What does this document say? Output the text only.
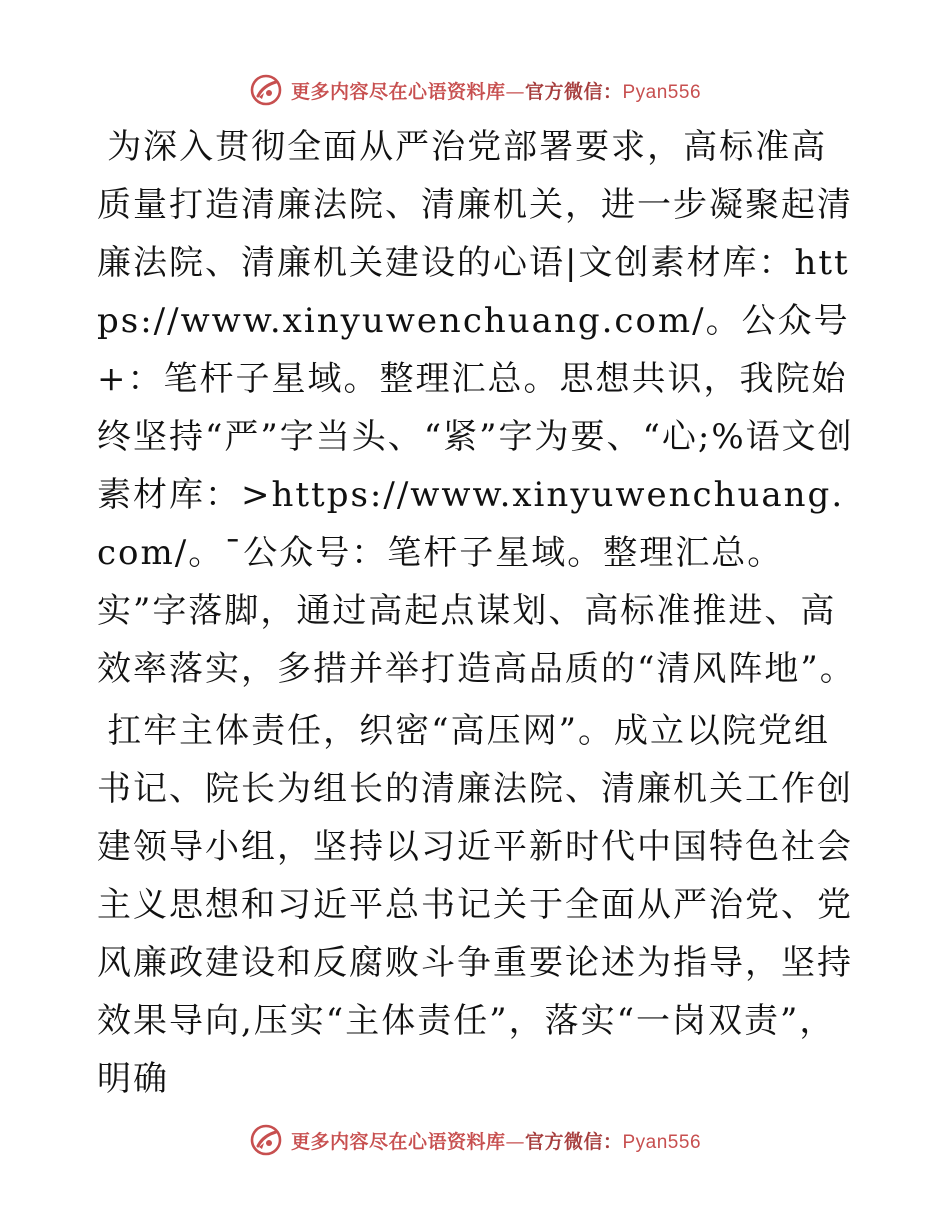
更多内容尽在心语资料库—官方微信：Pyan556

为深入贯彻全面从严治党部署要求，高标准高质量打造清廉法院、清廉机关，进一步凝聚起清廉法院、清廉机关建设的心语|文创素材库：https://www.xinyuwenchuang.com/。公众号+：笔杆子星域。整理汇总。思想共识，我院始终坚持“严”字当头、“紧”字为要、“心;%语文创素材库：>https://www.xinyuwenchuang.com/。¯公众号：笔杆子星域。整理汇总。实”字落脚，通过高起点谋划、高标准推进、高效率落实，多措并举打造高品质的“清风阵地”。

扛牢主体责任，织密“高压网”。成立以院党组书记、院长为组长的清廉法院、清廉机关工作创建领导小组，坚持以习近平新时代中国特色社会主义思想和习近平总书记关于全面从严治党、党风廉政建设和反腐败斗争重要论述为指导，坚持效果导向,压实“主体责任”，落实“一岗双责”，明确

更多内容尽在心语资料库—官方微信：Pyan556
